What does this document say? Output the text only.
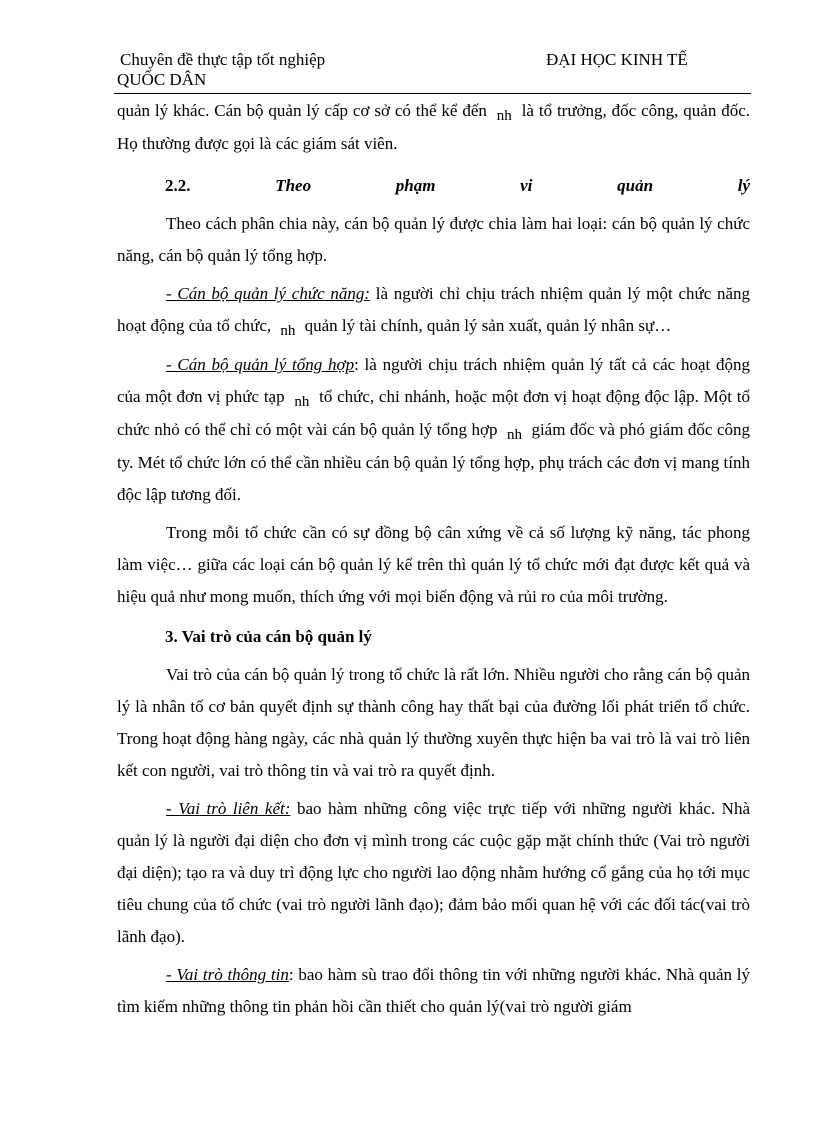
Chuyên đề thực tập tốt nghiệp	ĐẠI HỌC KINH TẾ
QUỐC DÂN

quản lý khác. Cán bộ quản lý cấp cơ sở có thể kể đến nh là tổ trưởng, đốc công, quản đốc. Họ thường được gọi là các giám sát viên.

2.2.	Theo	phạm	vi	quản	lý

Theo cách phân chia này, cán bộ quản lý được chia làm hai loại: cán bộ quản lý chức năng, cán bộ quản lý tổng hợp.

- Cán bộ quản lý chức năng: là người chỉ chịu trách nhiệm quản lý một chức năng hoạt động của tổ chức, nh quản lý tài chính, quản lý sản xuất, quản lý nhân sự…

- Cán bộ quản lý tổng hợp: là người chịu trách nhiệm quản lý tất cả các hoạt động của một đơn vị phức tạp nh tổ chức, chi nhánh, hoặc một đơn vị hoạt động độc lập. Một tổ chức nhỏ có thể chỉ có một vài cán bộ quản lý tổng hợp nh giám đốc và phó giám đốc công ty. Mét tổ chức lớn có thể cần nhiều cán bộ quản lý tổng hợp, phụ trách các đơn vị mang tính độc lập tương đối.

Trong mỗi tổ chức cần có sự đồng bộ cân xứng về cả số lượng kỹ năng, tác phong làm việc… giữa các loại cán bộ quản lý kể trên thì quản lý tổ chức mới đạt được kết quả và hiệu quả như mong muốn, thích ứng với mọi biến động và rủi ro của môi trường.

3. Vai trò của cán bộ quản lý

Vai trò của cán bộ quản lý trong tổ chức là rất lớn. Nhiều người cho rằng cán bộ quản lý là nhân tố cơ bản quyết định sự thành công hay thất bại của đường lối phát triển tổ chức. Trong hoạt động hàng ngày, các nhà quản lý thường xuyên thực hiện ba vai trò là vai trò liên kết con người, vai trò thông tin và vai trò ra quyết định.

- Vai trò liên kết: bao hàm những công việc trực tiếp với những người khác. Nhà quản lý là người đại diện cho đơn vị mình trong các cuộc gặp mặt chính thức (Vai trò người đại diện); tạo ra và duy trì động lực cho người lao động nhằm hướng cố gắng của họ tới mục tiêu chung của tổ chức (vai trò người lãnh đạo); đảm bảo mối quan hệ với các đối tác(vai trò lãnh đạo).

- Vai trò thông tin: bao hàm sù trao đổi thông tin với những người khác. Nhà quản lý tìm kiếm những thông tin phản hồi cần thiết cho quản lý(vai trò người giám
